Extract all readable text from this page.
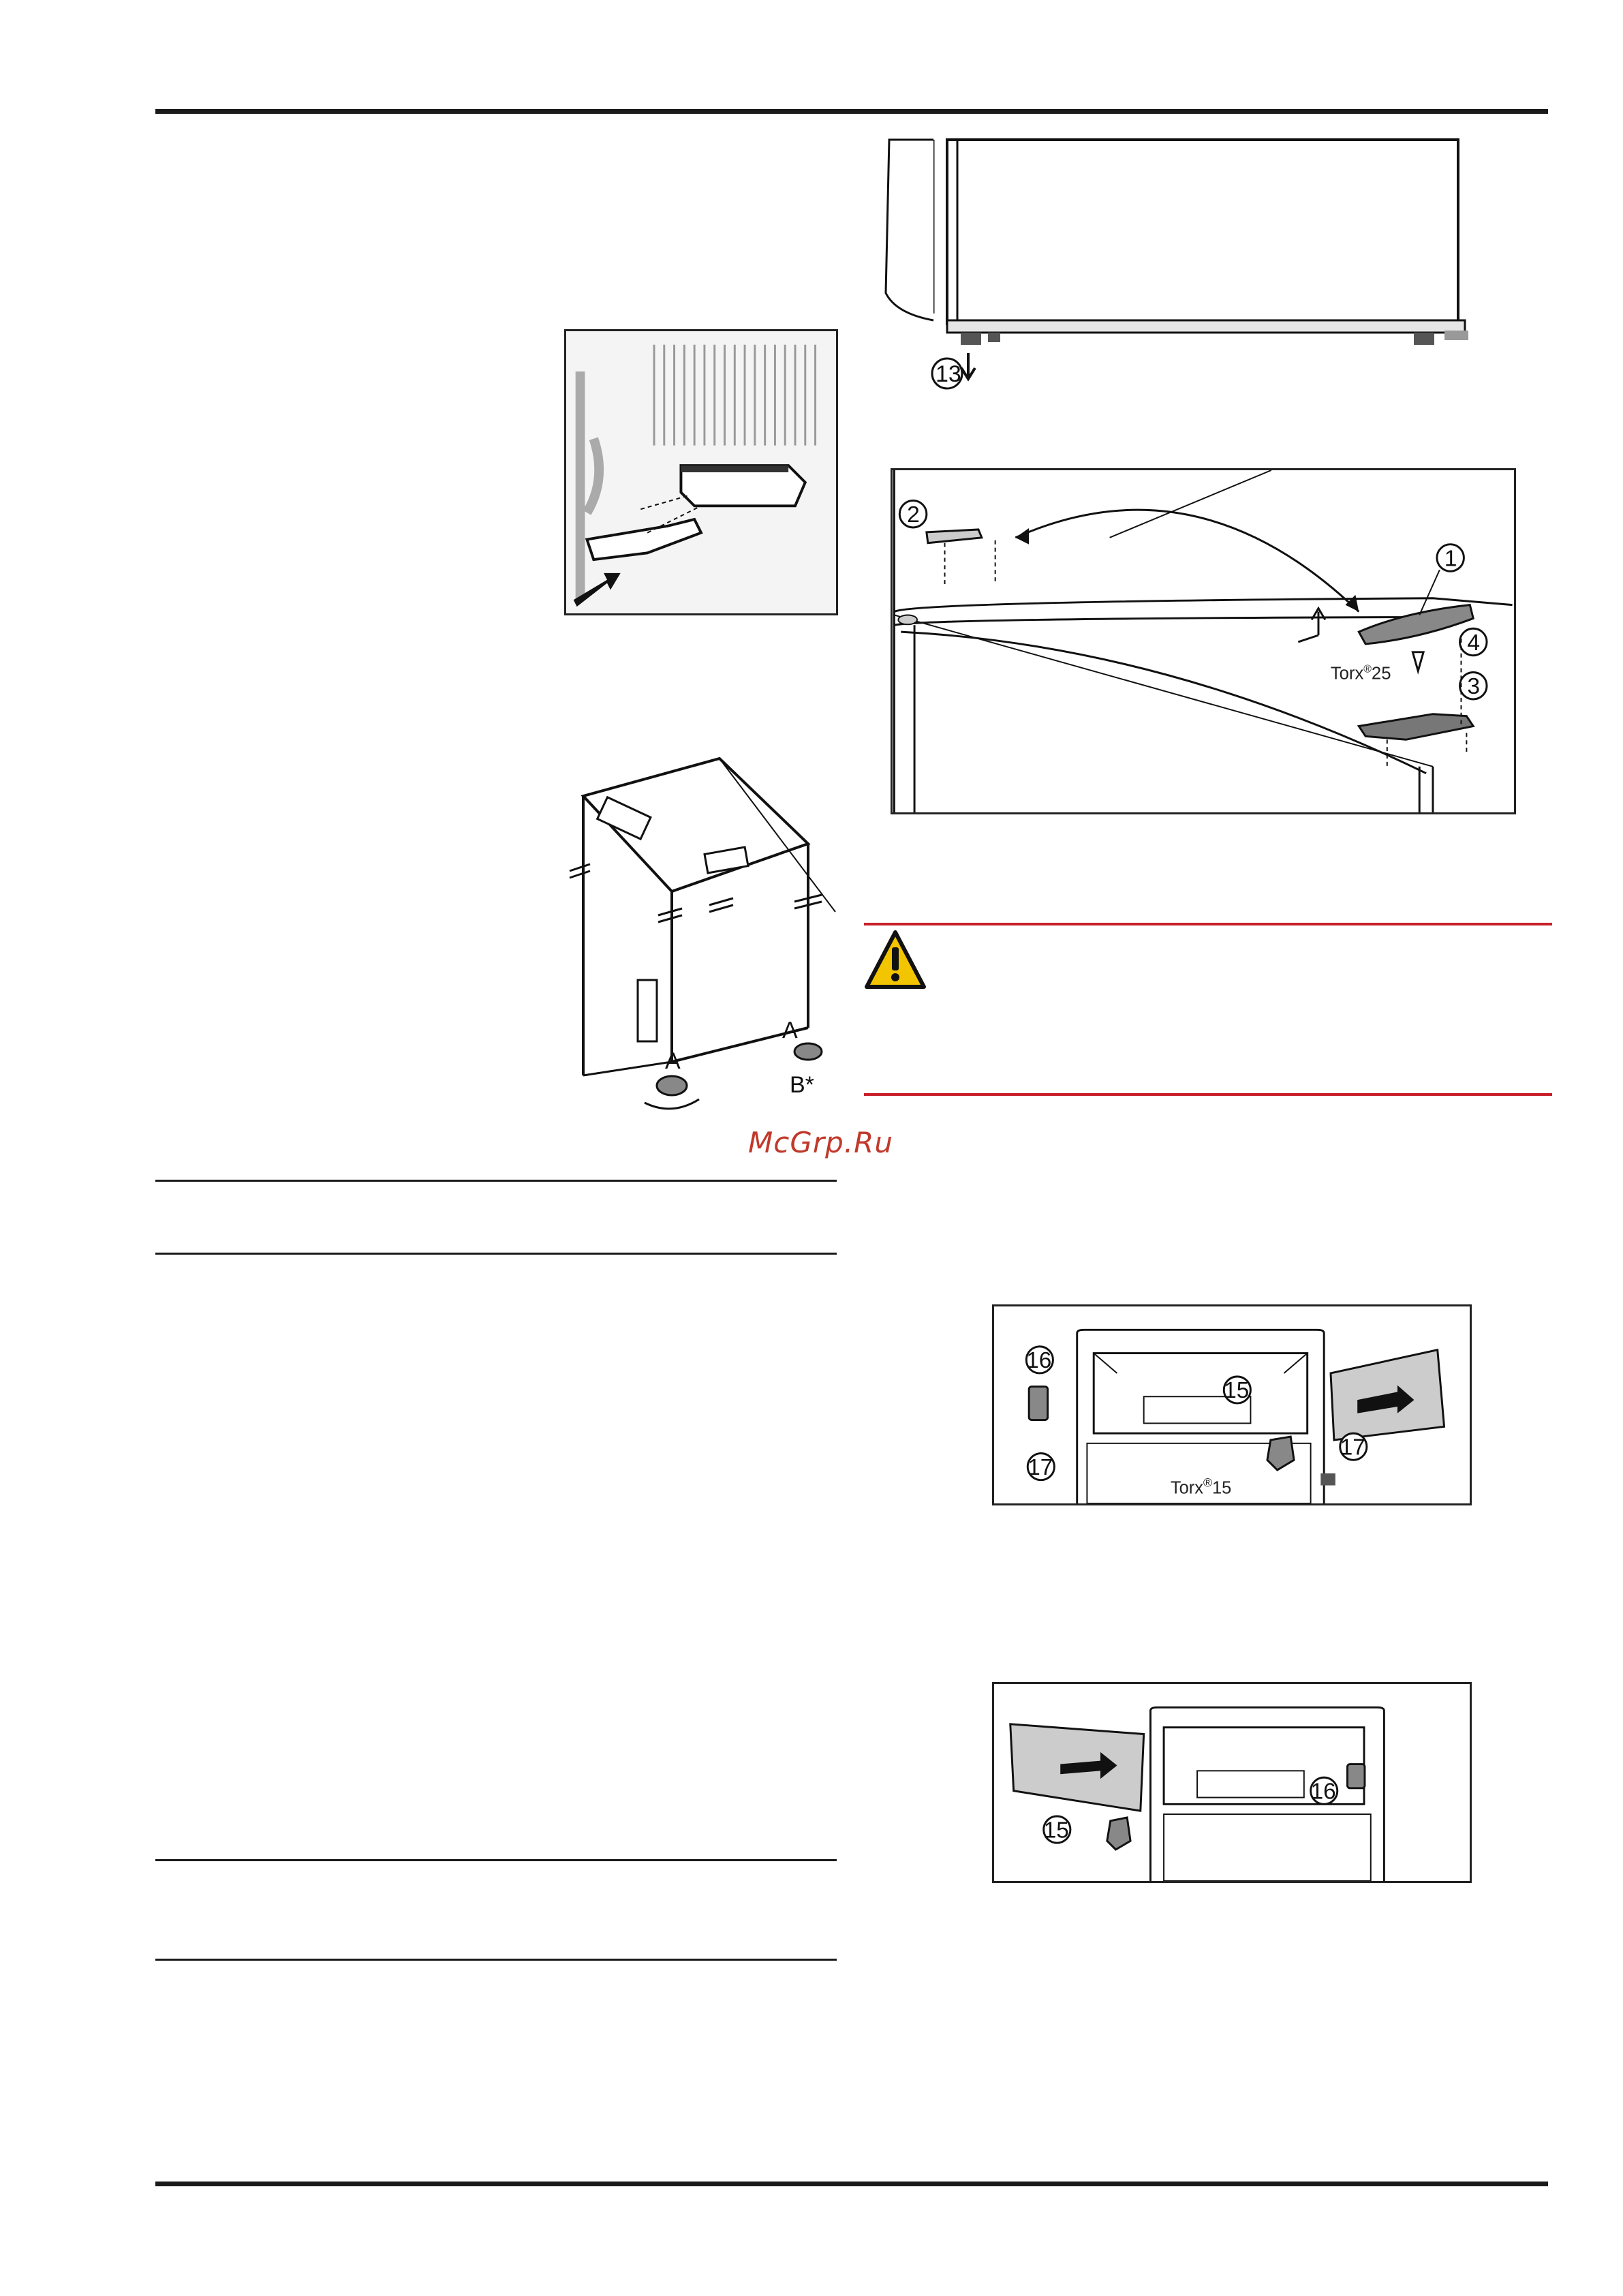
A
A
B*
13
2
1
4
3
Torx®25
McGrp.Ru
16
15
17
17
Torx®15
16
15
